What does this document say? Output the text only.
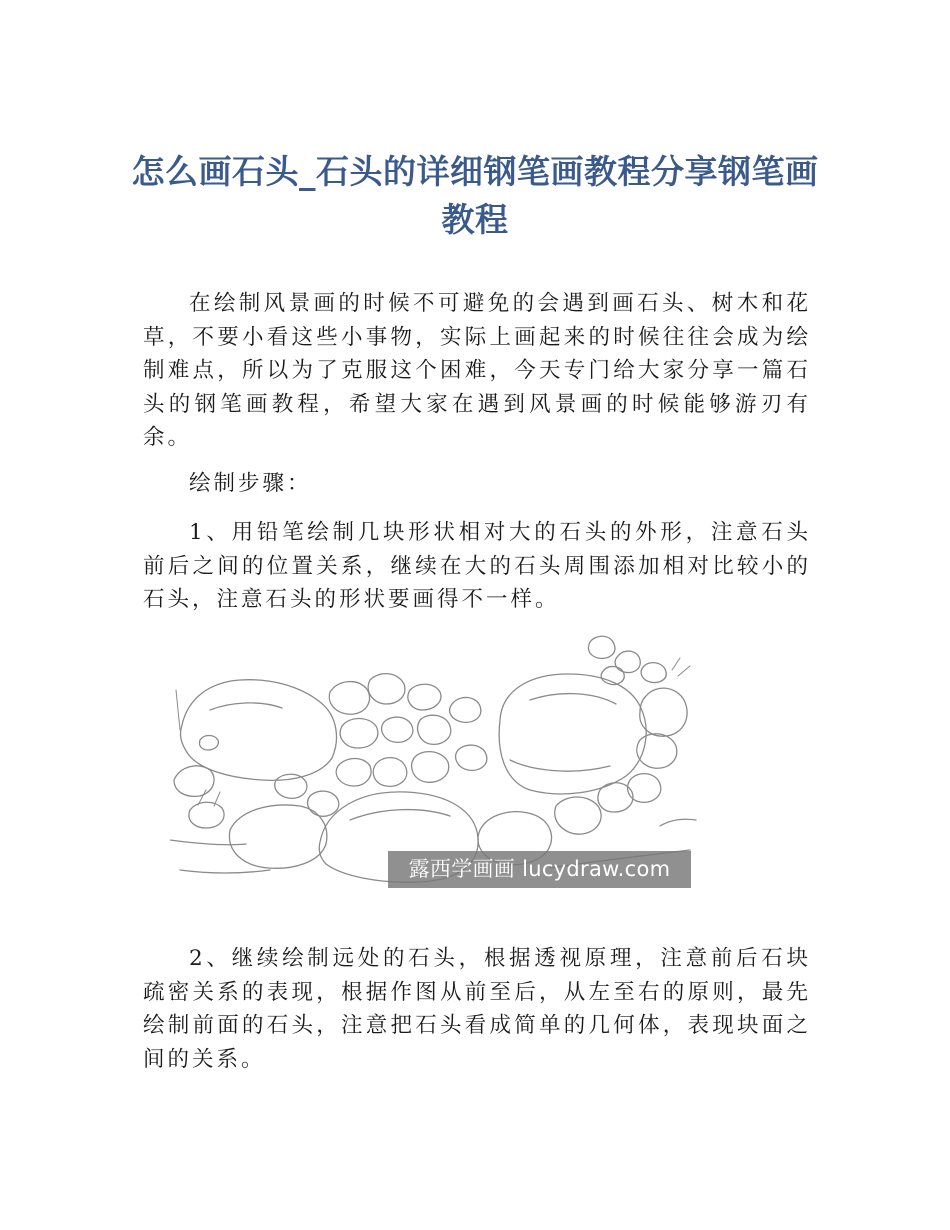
怎么画石头_石头的详细钢笔画教程分享钢笔画教程

在绘制风景画的时候不可避免的会遇到画石头、树木和花草，不要小看这些小事物，实际上画起来的时候往往会成为绘制难点，所以为了克服这个困难，今天专门给大家分享一篇石头的钢笔画教程，希望大家在遇到风景画的时候能够游刃有余。

绘制步骤：

1、用铅笔绘制几块形状相对大的石头的外形，注意石头前后之间的位置关系，继续在大的石头周围添加相对比较小的石头，注意石头的形状要画得不一样。

露西学画画 lucydraw.com

2、继续绘制远处的石头，根据透视原理，注意前后石块疏密关系的表现，根据作图从前至后，从左至右的原则，最先绘制前面的石头，注意把石头看成简单的几何体，表现块面之间的关系。
